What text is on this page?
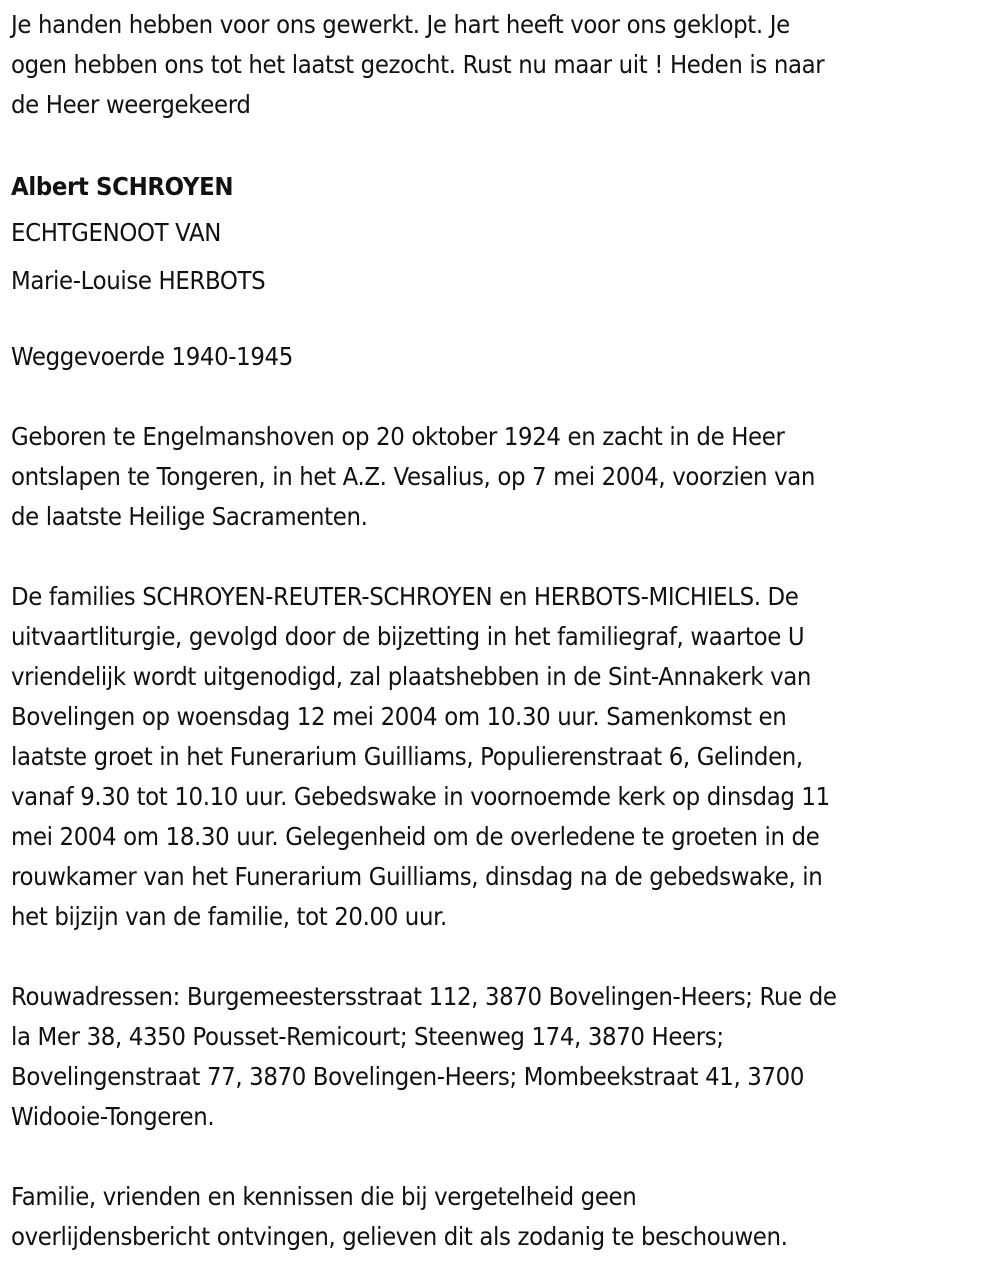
Je handen hebben voor ons gewerkt. Je hart heeft voor ons geklopt. Je
ogen hebben ons tot het laatst gezocht. Rust nu maar uit ! Heden is naar
de Heer weergekeerd
Albert SCHROYEN
ECHTGENOOT VAN
Marie-Louise HERBOTS
Weggevoerde 1940-1945
Geboren te Engelmanshoven op 20 oktober 1924 en zacht in de Heer
ontslapen te Tongeren, in het A.Z. Vesalius, op 7 mei 2004, voorzien van
de laatste Heilige Sacramenten.
De families SCHROYEN-REUTER-SCHROYEN en HERBOTS-MICHIELS. De
uitvaartliturgie, gevolgd door de bijzetting in het familiegraf, waartoe U
vriendelijk wordt uitgenodigd, zal plaatshebben in de Sint-Annakerk van
Bovelingen op woensdag 12 mei 2004 om 10.30 uur. Samenkomst en
laatste groet in het Funerarium Guilliams, Populierenstraat 6, Gelinden,
vanaf 9.30 tot 10.10 uur. Gebedswake in voornoemde kerk op dinsdag 11
mei 2004 om 18.30 uur. Gelegenheid om de overledene te groeten in de
rouwkamer van het Funerarium Guilliams, dinsdag na de gebedswake, in
het bijzijn van de familie, tot 20.00 uur.
Rouwadressen: Burgemeestersstraat 112, 3870 Bovelingen-Heers; Rue de
la Mer 38, 4350 Pousset-Remicourt; Steenweg 174, 3870 Heers;
Bovelingenstraat 77, 3870 Bovelingen-Heers; Mombeekstraat 41, 3700
Widooie-Tongeren.
Familie, vrienden en kennissen die bij vergetelheid geen
overlijdensbericht ontvingen, gelieven dit als zodanig te beschouwen.
